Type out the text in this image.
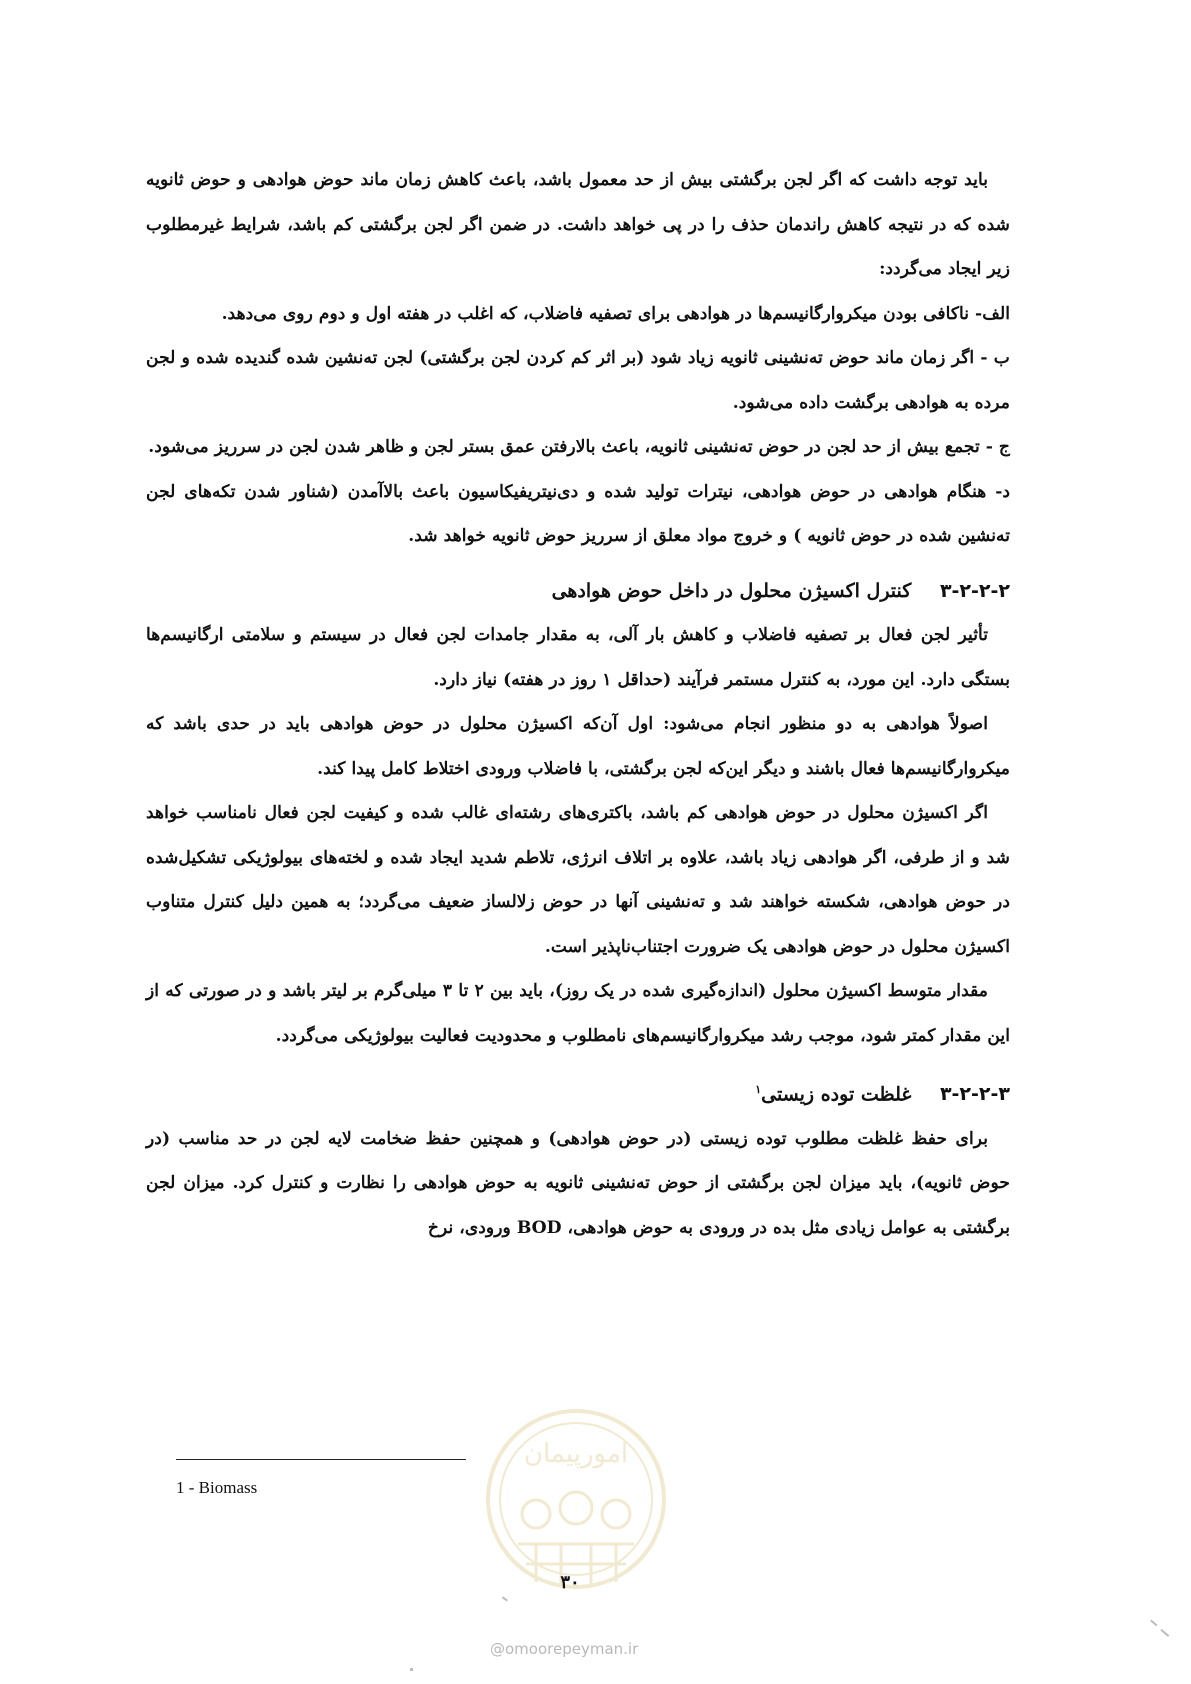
باید توجه داشت که اگر لجن برگشتی بیش از حد معمول باشد، باعث کاهش زمان ماند حوض هوادهی و حوض ثانویه شده که در نتیجه کاهش راندمان حذف را در پی خواهد داشت. در ضمن اگر لجن برگشتی کم باشد، شرایط غیرمطلوب زیر ایجاد می‌گردد:

الف- ناکافی بودن میکروارگانیسم‌ها در هوادهی برای تصفیه فاضلاب، که اغلب در هفته اول و دوم روی می‌دهد.

ب - اگر زمان ماند حوض ته‌نشینی ثانویه زیاد شود (بر اثر کم کردن لجن برگشتی) لجن ته‌نشین شده گندیده شده و لجن مرده به هوادهی برگشت داده می‌شود.

ج - تجمع بیش از حد لجن در حوض ته‌نشینی ثانویه، باعث بالارفتن عمق بستر لجن و ظاهر شدن لجن در سرریز می‌شود.

د- هنگام هوادهی در حوض هوادهی، نیترات تولید شده و دی‌نیتریفیکاسیون باعث بالاآمدن (شناور شدن تکه‌های لجن ته‌نشین شده در حوض ثانویه ) و خروج مواد معلق از سرریز حوض ثانویه خواهد شد.

۳-۲-۲-۲ کنترل اکسیژن محلول در داخل حوض هوادهی

تأثیر لجن فعال بر تصفیه فاضلاب و کاهش بار آلی، به مقدار جامدات لجن فعال در سیستم و سلامتی ارگانیسم‌ها بستگی دارد. این مورد، به کنترل مستمر فرآیند (حداقل ۱ روز در هفته) نیاز دارد.

اصولاً هوادهی به دو منظور انجام می‌شود: اول آن‌که اکسیژن محلول در حوض هوادهی باید در حدی باشد که میکروارگانیسم‌ها فعال باشند و دیگر این‌که لجن برگشتی، با فاضلاب ورودی اختلاط کامل پیدا کند.

اگر اکسیژن محلول در حوض هوادهی کم باشد، باکتری‌های رشته‌ای غالب شده و کیفیت لجن فعال نامناسب خواهد شد و از طرفی، اگر هوادهی زیاد باشد، علاوه بر اتلاف انرژی، تلاطم شدید ایجاد شده و لخته‌های بیولوژیکی تشکیل‌شده در حوض هوادهی، شکسته خواهند شد و ته‌نشینی آنها در حوض زلالساز ضعیف می‌گردد؛ به همین دلیل کنترل متناوب اکسیژن محلول در حوض هوادهی یک ضرورت اجتناب‌ناپذیر است.

مقدار متوسط اکسیژن محلول (اندازه‌گیری شده در یک روز)، باید بین ۲ تا ۳ میلی‌گرم بر لیتر باشد و در صورتی که از این مقدار کمتر شود، موجب رشد میکروارگانیسم‌های نامطلوب و محدودیت فعالیت بیولوژیکی می‌گردد.

۳-۲-۲-۳ غلظت توده زیستی$^۱$

برای حفظ غلظت مطلوب توده زیستی (در حوض هوادهی) و همچنین حفظ ضخامت لایه لجن در حد مناسب (در حوض ثانویه)، باید میزان لجن برگشتی از حوض ته‌نشینی ثانویه به حوض هوادهی را نظارت و کنترل کرد. میزان لجن برگشتی به عوامل زیادی مثل بده در ورودی به حوض هوادهی، BOD ورودی، نرخ

1 - Biomass
امورپیمان
۳۰
@omoorepeyman.ir
